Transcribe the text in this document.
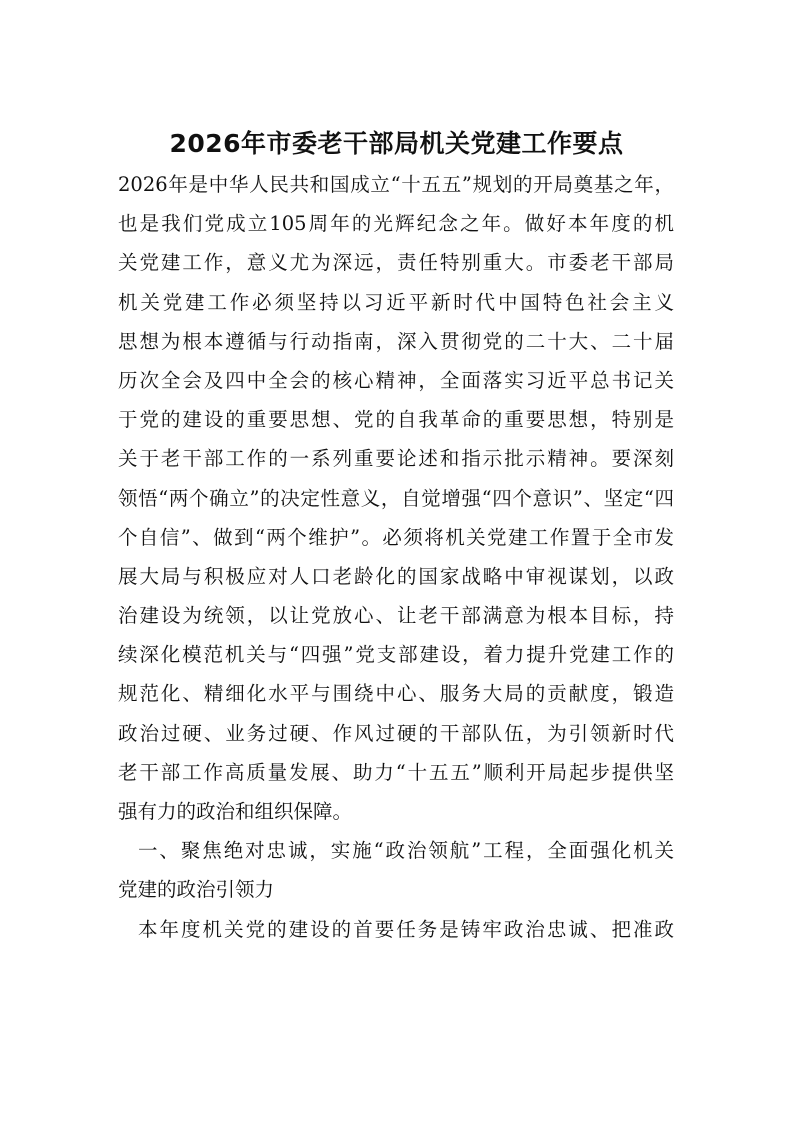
2026年市委老干部局机关党建工作要点
2026年是中华人民共和国成立“十五五”规划的开局奠基之年，
也是我们党成立105周年的光辉纪念之年。做好本年度的机
关党建工作，意义尤为深远，责任特别重大。市委老干部局
机关党建工作必须坚持以习近平新时代中国特色社会主义
思想为根本遵循与行动指南，深入贯彻党的二十大、二十届
历次全会及四中全会的核心精神，全面落实习近平总书记关
于党的建设的重要思想、党的自我革命的重要思想，特别是
关于老干部工作的一系列重要论述和指示批示精神。要深刻
领悟“两个确立”的决定性意义，自觉增强“四个意识”、坚定“四
个自信”、做到“两个维护”。必须将机关党建工作置于全市发
展大局与积极应对人口老龄化的国家战略中审视谋划，以政
治建设为统领，以让党放心、让老干部满意为根本目标，持
续深化模范机关与“四强”党支部建设，着力提升党建工作的
规范化、精细化水平与围绕中心、服务大局的贡献度，锻造
政治过硬、业务过硬、作风过硬的干部队伍，为引领新时代
老干部工作高质量发展、助力“十五五”顺利开局起步提供坚
强有力的政治和组织保障。
一、聚焦绝对忠诚，实施“政治领航”工程，全面强化机关
党建的政治引领力
本年度机关党的建设的首要任务是铸牢政治忠诚、把准政
